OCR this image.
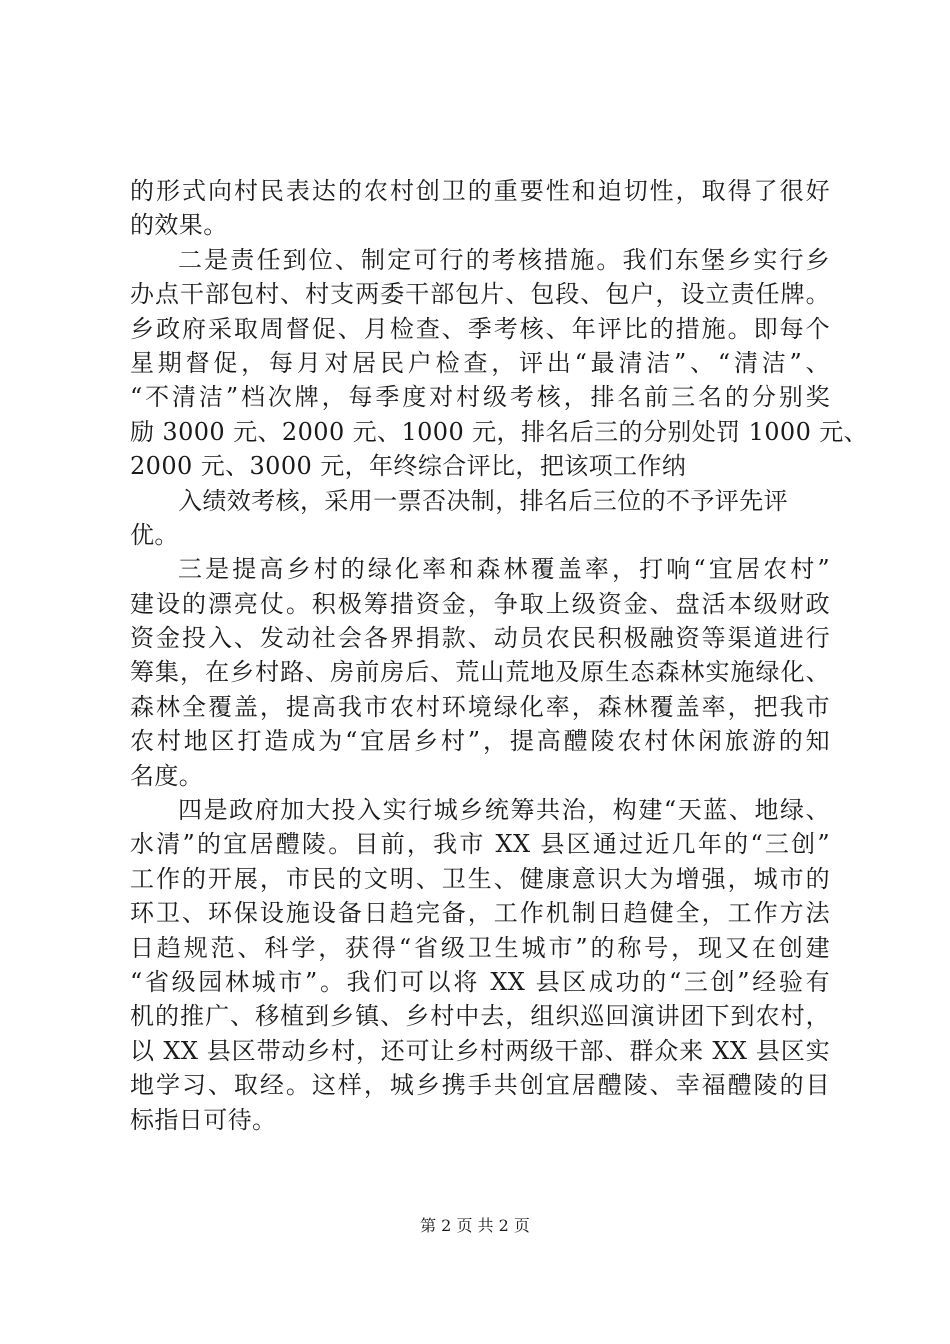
的形式向村民表达的农村创卫的重要性和迫切性，取得了很好
的效果。
二是责任到位、制定可行的考核措施。我们东堡乡实行乡
办点干部包村、村支两委干部包片、包段、包户，设立责任牌。
乡政府采取周督促、月检查、季考核、年评比的措施。即每个
星期督促，每月对居民户检查，评出“最清洁”、“清洁”、
“不清洁”档次牌，每季度对村级考核，排名前三名的分别奖
励 3000 元、2000 元、1000 元，排名后三的分别处罚 1000 元、
2000 元、3000 元，年终综合评比，把该项工作纳
入绩效考核，采用一票否决制，排名后三位的不予评先评
优。
三是提高乡村的绿化率和森林覆盖率，打响“宜居农村”
建设的漂亮仗。积极筹措资金，争取上级资金、盘活本级财政
资金投入、发动社会各界捐款、动员农民积极融资等渠道进行
筹集，在乡村路、房前房后、荒山荒地及原生态森林实施绿化、
森林全覆盖，提高我市农村环境绿化率，森林覆盖率，把我市
农村地区打造成为“宜居乡村”，提高醴陵农村休闲旅游的知
名度。
四是政府加大投入实行城乡统筹共治，构建“天蓝、地绿、
水清”的宜居醴陵。目前，我市 XX 县区通过近几年的“三创”
工作的开展，市民的文明、卫生、健康意识大为增强，城市的
环卫、环保设施设备日趋完备，工作机制日趋健全，工作方法
日趋规范、科学，获得“省级卫生城市”的称号，现又在创建
“省级园林城市”。我们可以将 XX 县区成功的“三创”经验有
机的推广、移植到乡镇、乡村中去，组织巡回演讲团下到农村，
以 XX 县区带动乡村，还可让乡村两级干部、群众来 XX 县区实
地学习、取经。这样，城乡携手共创宜居醴陵、幸福醴陵的目
标指日可待。
第 2 页 共 2 页
